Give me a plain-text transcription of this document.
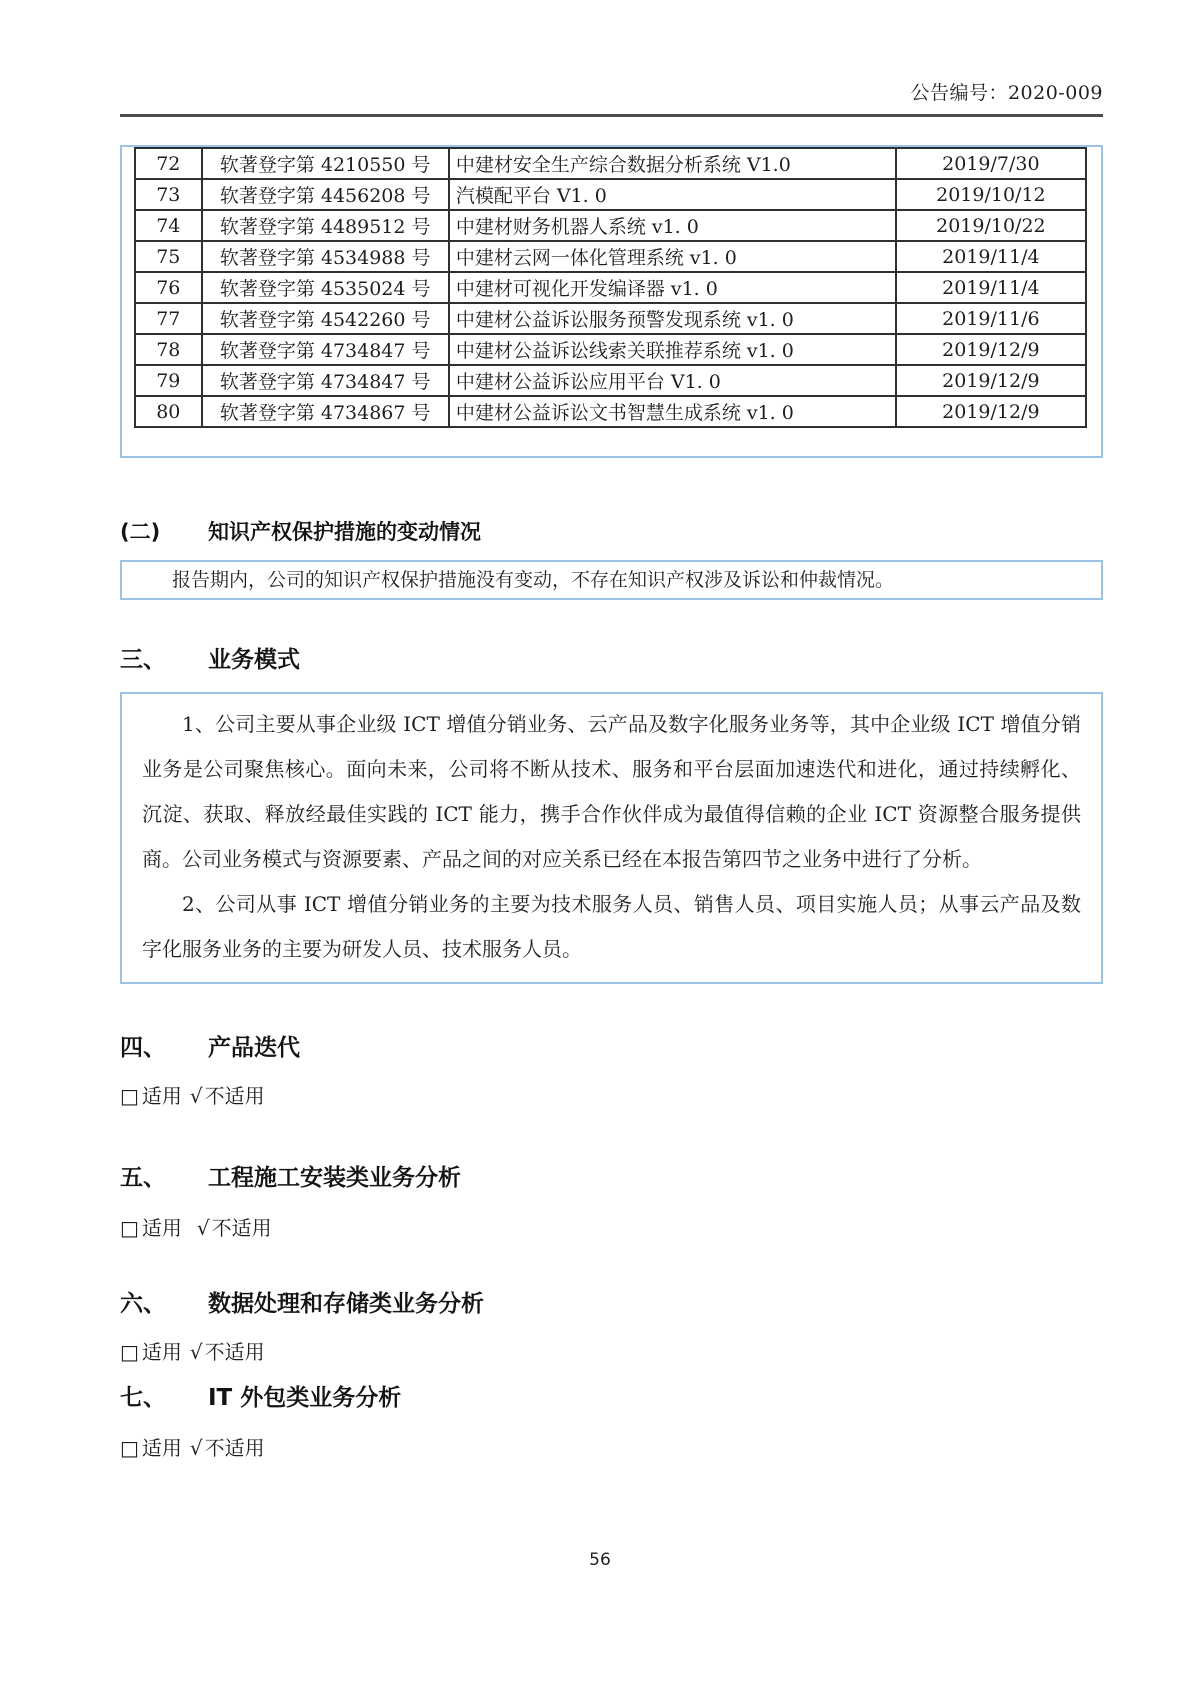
公告编号：2020-009
72	软著登字第 4210550 号	中建材安全生产综合数据分析系统 V1.0	2019/7/30
73	软著登字第 4456208 号	汽模配平台 V1. 0	2019/10/12
74	软著登字第 4489512 号	中建材财务机器人系统 v1. 0	2019/10/22
75	软著登字第 4534988 号	中建材云网一体化管理系统 v1. 0	2019/11/4
76	软著登字第 4535024 号	中建材可视化开发编译器 v1. 0	2019/11/4
77	软著登字第 4542260 号	中建材公益诉讼服务预警发现系统 v1. 0	2019/11/6
78	软著登字第 4734847 号	中建材公益诉讼线索关联推荐系统 v1. 0	2019/12/9
79	软著登字第 4734847 号	中建材公益诉讼应用平台 V1. 0	2019/12/9
80	软著登字第 4734867 号	中建材公益诉讼文书智慧生成系统 v1. 0	2019/12/9
(二)	知识产权保护措施的变动情况
报告期内，公司的知识产权保护措施没有变动，不存在知识产权涉及诉讼和仲裁情况。
三、	业务模式

1、公司主要从事企业级 ICT 增值分销业务、云产品及数字化服务业务等，其中企业级 ICT 增值分销业务是公司聚焦核心。面向未来，公司将不断从技术、服务和平台层面加速迭代和进化，通过持续孵化、沉淀、获取、释放经最佳实践的 ICT 能力，携手合作伙伴成为最值得信赖的企业 ICT 资源整合服务提供商。公司业务模式与资源要素、产品之间的对应关系已经在本报告第四节之业务中进行了分析。

2、公司从事 ICT 增值分销业务的主要为技术服务人员、销售人员、项目实施人员；从事云产品及数字化服务业务的主要为研发人员、技术服务人员。

四、	产品迭代
□ 适用 √ 不适用
五、	工程施工安装类业务分析
□ 适用 √ 不适用
六、	数据处理和存储类业务分析
□ 适用 √ 不适用
七、	IT 外包类业务分析
□ 适用 √ 不适用
56
